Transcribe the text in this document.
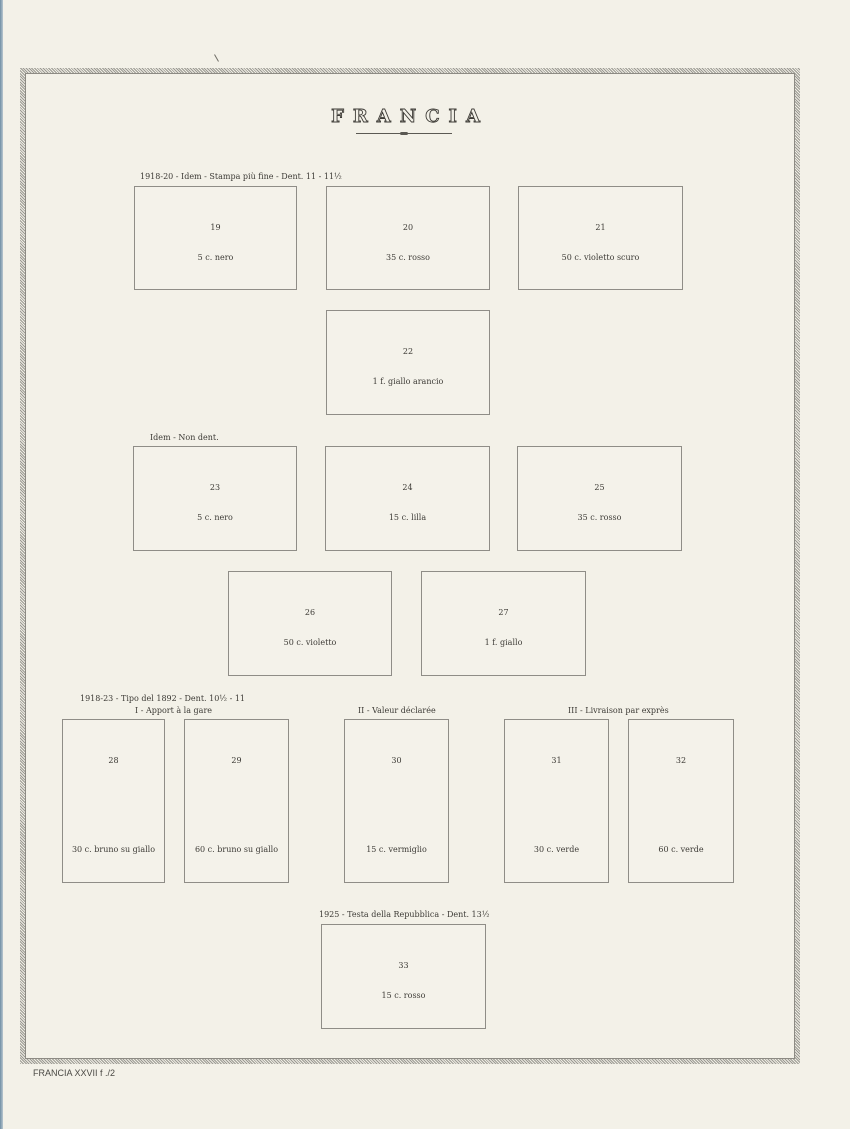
FRANCIA
1918-20 - Idem - Stampa più fine - Dent. 11 - 11½
19
5 c. nero
20
35 c. rosso
21
50 c. violetto scuro
22
1 f. giallo arancio
Idem - Non dent.
23
5 c. nero
24
15 c. lilla
25
35 c. rosso
26
50 c. violetto
27
1 f. giallo
1918-23 - Tipo del 1892 - Dent. 10½ - 11
I - Apport à la gare	II - Valeur déclarée	III - Livraison par exprès
28
30 c. bruno su giallo
29
60 c. bruno su giallo
30
15 c. vermiglio
31
30 c. verde
32
60 c. verde
1925 - Testa della Repubblica - Dent. 13½
33
15 c. rosso
FRANCIA XXVII f ./2
